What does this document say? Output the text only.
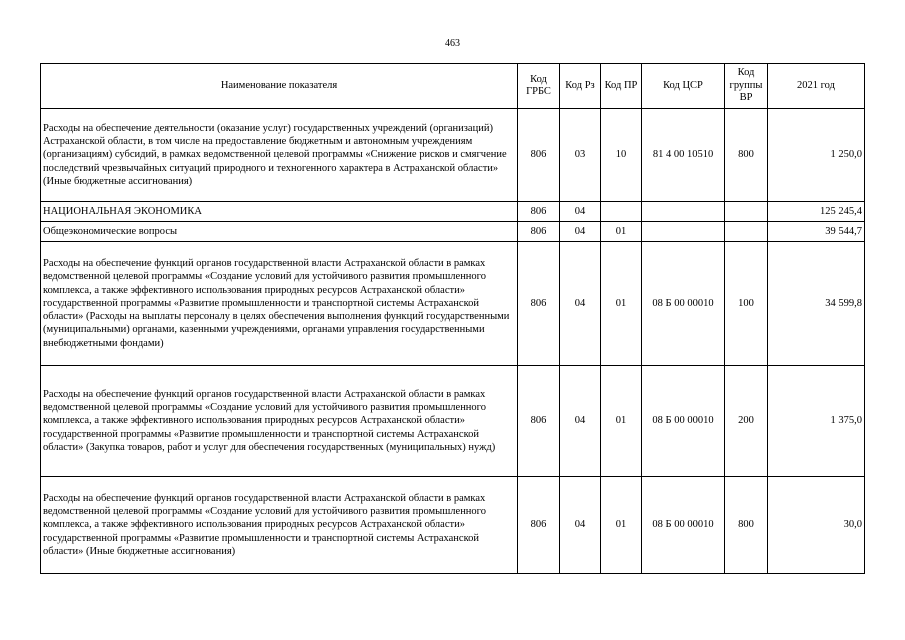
463
Наименование показателя	Код ГРБС	Код Рз	Код ПР	Код ЦСР	Код группы ВР	2021 год
Расходы на обеспечение деятельности (оказание услуг) государственных учреждений (организаций) Астраханской области, в том числе на предоставление бюджетным и автономным учреждениям (организациям) субсидий, в рамках ведомственной целевой программы «Снижение рисков и смягчение последствий чрезвычайных ситуаций природного и техногенного характера в Астраханской области» (Иные бюджетные ассигнования)	806	03	10	81 4 00 10510	800	1 250,0
НАЦИОНАЛЬНАЯ ЭКОНОМИКА	806	04				125 245,4
Общеэкономические вопросы	806	04	01			39 544,7
Расходы на обеспечение функций органов государственной власти Астраханской области в рамках ведомственной целевой программы «Создание условий для устойчивого развития промышленного комплекса, а также эффективного использования природных ресурсов Астраханской области» государственной программы «Развитие промышленности и транспортной системы Астраханской области» (Расходы на выплаты персоналу в целях обеспечения выполнения функций государственными (муниципальными) органами, казенными учреждениями, органами управления государственными внебюджетными фондами)	806	04	01	08 Б 00 00010	100	34 599,8
Расходы на обеспечение функций органов государственной власти Астраханской области в рамках ведомственной целевой программы «Создание условий для устойчивого развития промышленного комплекса, а также эффективного использования природных ресурсов Астраханской области» государственной программы «Развитие промышленности и транспортной системы Астраханской области» (Закупка товаров, работ и услуг для обеспечения государственных (муниципальных) нужд)	806	04	01	08 Б 00 00010	200	1 375,0
Расходы на обеспечение функций органов государственной власти Астраханской области в рамках ведомственной целевой программы «Создание условий для устойчивого развития промышленного комплекса, а также эффективного использования природных ресурсов Астраханской области» государственной программы «Развитие промышленности и транспортной системы Астраханской области» (Иные бюджетные ассигнования)	806	04	01	08 Б 00 00010	800	30,0
